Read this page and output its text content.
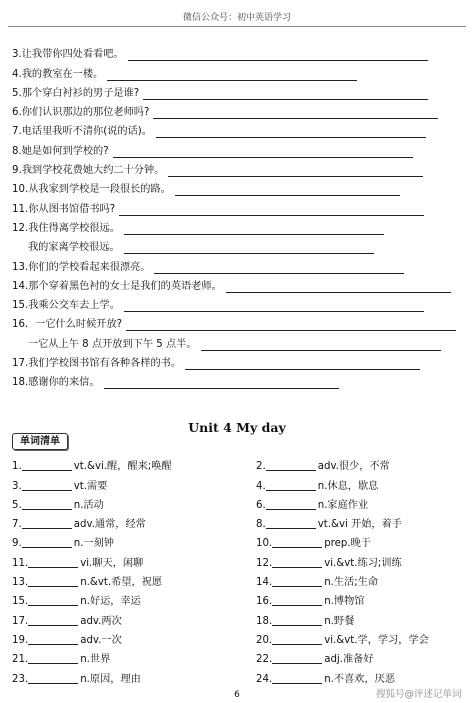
微信公众号：初中英语学习
3.让我带你四处看看吧。
4.我的教室在一楼。
5.那个穿白衬衫的男子是谁?
6.你们认识那边的那位老师吗?
7.电话里我听不清你(说的话)。
8.她是如何到学校的?
9.我到学校花费她大约二十分钟。
10.从我家到学校是一段很长的路。
11.你从图书馆借书吗?
12.我住得离学校很远。
我的家离学校很远。
13.你们的学校看起来很漂亮。
14.那个穿着黑色衬的女士是我们的英语老师。
15.我乘公交车去上学。
16．一它什么时候开放?
一它从上午 8 点开放到下午 5 点半。
17.我们学校图书馆有各种各样的书。
18.感谢你的来信。
Unit 4 My day
单词清单
1.	vt.&vi.醒，醒来;唤醒	2.	adv.很少，不常
3.	vt.需要	4.	n.休息，歇息
5.	n.活动	6.	n.家庭作业
7.	adv.通常，经常	8.	vt.&vi 开始，着手
9.	n.一刻钟	10.	prep.晚于
11.	vi.聊天，闲聊	12.	vi.&vt.练习;训练
13.	n.&vt.希望，祝愿	14.	n.生活;生命
15.	n.好运，幸运	16.	n.博物馆
17.	adv.两次	18.	n.野餐
19.	adv.一次	20.	vi.&vt.学，学习，学会
21.	n.世界	22.	adj.准备好
23.	n.原因，理由	24.	n.不喜欢，厌恶
6	搜狐号@评述记单词
